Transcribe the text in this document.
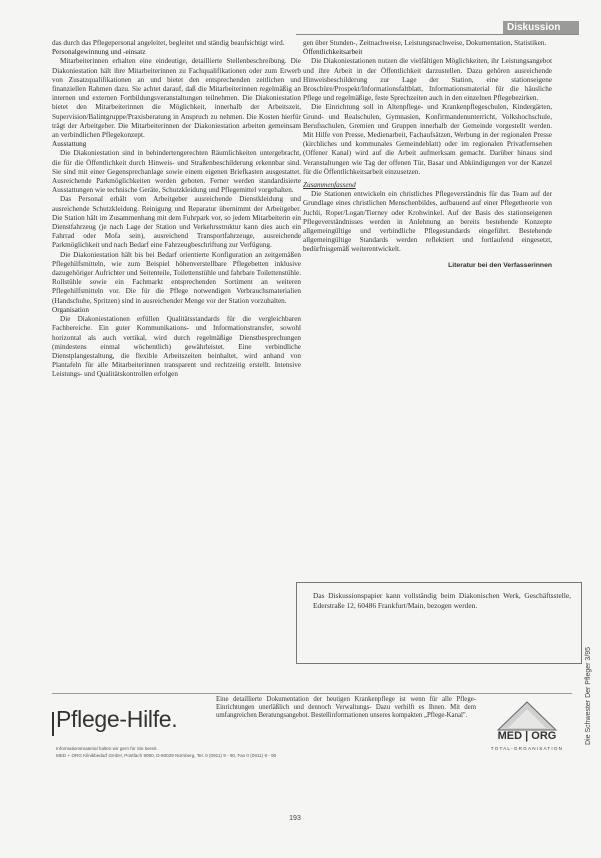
Diskussion

das durch das Pflegepersonal angeleitet, begleitet und ständig beaufsichtigt wird.

Personalgewinnung und -einsatz

Mitarbeiterinnen erhalten eine eindeutige, detaillierte Stellenbeschreibung. Die Diakoniestation hält ihre Mitarbeiterinnen zu Fachqualifikationen oder zum Erwerb von Zusatzqualifikationen an und bietet den entsprechenden zeitlichen und finanziellen Rahmen dazu. Sie achtet darauf, daß die Mitarbeiterinnen regelmäßig an internen und externen Fortbildungsveranstaltungen teilnehmen. Die Diakoniestation bietet den Mitarbeiterinnen die Möglichkeit, innerhalb der Arbeitszeit, Supervision/Balintgruppe/Praxisberatung in Anspruch zu nehmen. Die Kosten hierfür trägt der Arbeitgeber. Die Mitarbeiterinnen der Diakoniestation arbeiten gemeinsam an verbindlichen Pflegekonzept.

Ausstattung

Die Diakoniestation sind in behindertengerechten Räumlichkeiten untergebracht, die für die Öffentlichkeit durch Hinweis- und Straßenbeschilderung erkennbar sind. Sie sind mit einer Gegensprechanlage sowie einem eigenen Briefkasten ausgestattet. Ausreichende Parkmöglichkeiten werden geboten. Ferner werden standardisierte Ausstattungen wie technische Geräte, Schutzkleidung und Pflegemittel vorgehalten.

Das Personal erhält vom Arbeitgeber ausreichende Dienstkleidung und ausreichende Schutzkleidung. Reinigung und Reparatur übernimmt der Arbeitgeber. Die Station hält im Zusammenhang mit dem Fuhrpark vor, so jedem Mitarbeiterin ein Dienstfahrzeug (je nach Lage der Station und Verkehrsstruktur kann dies auch ein Fahrrad oder Mofa sein), ausreichend Transportfahrzeuge, ausreichende Parkmöglichkeit und nach Bedarf eine Fahrzeugbeschriftung zur Verfügung.

Die Diakoniestation hält bis bei Bedarf orientierte Konfiguration an zeitgemäßen Pflegehilfsmitteln, wie zum Beispiel höhenverstellbare Pflegebetten inklusive dazugehöriger Aufrichter und Seitenteile, Toilettenstühle und fahrbare Toilettenstühle. Rollstühle sowie ein Fachmarkt entsprechenden Sortiment an weiteren Pflegehilfsmitteln vor. Die für die Pflege notwendigen Verbrauchsmaterialien (Handschuhe, Spritzen) sind in ausreichender Menge vor der Station vorzuhalten.

Organisation

Die Diakoniestationen erfüllen Qualitätsstandards für die vergleichbaren Fachbereiche. Ein guter Kommunikations- und Informationstransfer, sowohl horizontal als auch vertikal, wird durch regelmäßige Dienstbesprechungen (mindestens einmal wöchentlich) gewährleistet. Eine verbindliche Dienstplangestaltung, die flexible Arbeitszeiten beinhaltet, wird anhand von Plantafeln für alle Mitarbeiterinnen transparent und rechtzeitig erstellt. Intensive Leistungs- und Qualitätskontrollen erfolgen

gen über Stunden-, Zeitnachweise, Leistungsnachweise, Dokumentation, Statistiken.

Öffentlichkeitsarbeit

Die Diakoniestationen nutzen die vielfältigen Möglichkeiten, ihr Leistungsangebot und ihre Arbeit in der Öffentlichkeit darzustellen. Dazu gehören ausreichende Hinweisbeschilderung zur Lage der Station, eine stationseigene Broschüre/Prospekt/Informationsfaltblatt, Informationsmaterial für die häusliche Pflege und regelmäßige, feste Sprechzeiten auch in den einzelnen Pflegebezirken.

Die Einrichtung soll in Altenpflege- und Krankenpflegeschulen, Kindergärten, Grund- und Realschulen, Gymnasien, Konfirmandenunterricht, Volkshochschule, Berufsschulen, Gremien und Gruppen innerhalb der Gemeinde vorgestellt werden. Mit Hilfe von Presse, Medienarbeit, Fachaufsätzen, Werbung in der regionalen Presse (kirchliches und kommunales Gemeindeblatt) oder im regionalen Privatfernsehen (Offener Kanal) wird auf die Arbeit aufmerksam gemacht. Darüber hinaus sind Veranstaltungen wie Tag der offenen Tür, Basar und Abkündigungen vor der Kanzel für die Öffentlichkeitsarbeit einzusetzen.

Zusammenfassend

Die Stationen entwickeln ein christliches Pflegeverständnis für das Team auf der Grundlage eines christlichen Menschenbildes, aufbauend auf einer Pflegetheorie von Juchli, Roper/Logan/Tierney oder Krohwinkel. Auf der Basis des stationseigenen Pflegeverständnisses werden in Anlehnung an bereits bestehende Konzepte allgemeingültige und verbindliche Pflegestandards eingeführt. Bestehende allgemeingültige Standards werden reflektiert und fortlaufend eingesetzt, bedürfnisgemäß weiterentwickelt.

Literatur bei den Verfasserinnen

Das Diskussionspapier kann vollständig beim Diakonischen Werk, Geschäftsstelle, Ederstraße 12, 60486 Frankfurt/Main, bezogen werden.
Pflege-Hilfe.
Eine detaillierte Dokumentation der heutigen Krankenpflege ist wenn für alle Pflege-Einrichtungen unerläßlich und dennoch Verwaltungs- Dazu verhilft es Ihnen. Mit dem umfangreichen Beratungsangebot. Bestellinformationen unseres kompakten „Pflege-Kanal".
Informationsmaterial halten wir gern für Sie bereit.
MED + ORG Klinikbedarf GmbH, Postfach 9090, D-90029 Nürnberg, Tel. 0 (0911) 9 - 90, Fax 0 (0911) 9 - 90
MED | ORG
TOTAL-ORGANISATION
Die Schwester Der Pfleger 3/95
193
